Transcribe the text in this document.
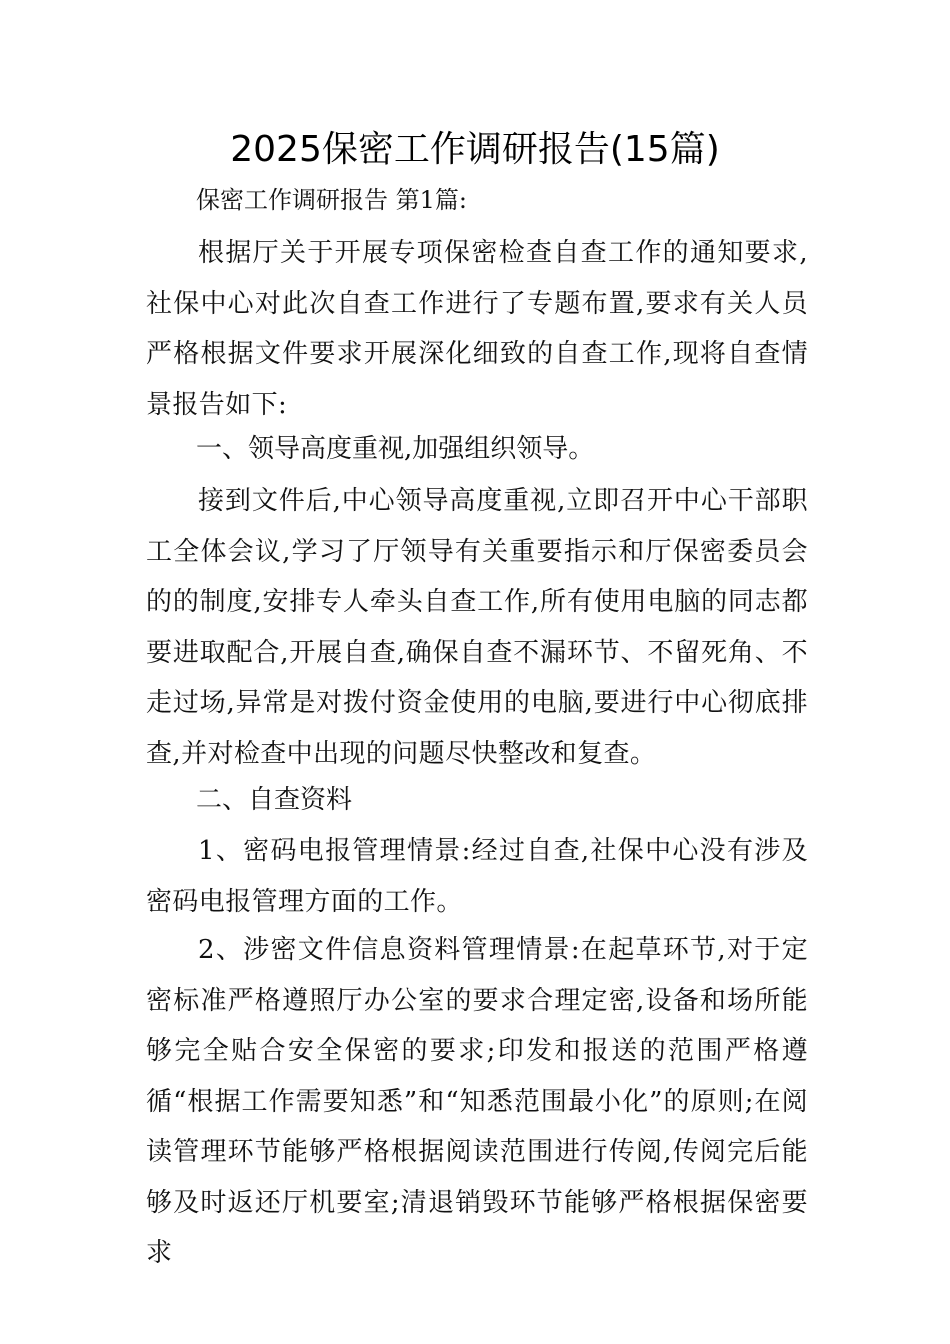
2025保密工作调研报告(15篇)
保密工作调研报告 第1篇:
根据厅关于开展专项保密检查自查工作的通知要求,社保中心对此次自查工作进行了专题布置,要求有关人员严格根据文件要求开展深化细致的自查工作,现将自查情景报告如下:
一、领导高度重视,加强组织领导。
接到文件后,中心领导高度重视,立即召开中心干部职工全体会议,学习了厅领导有关重要指示和厅保密委员会的的制度,安排专人牵头自查工作,所有使用电脑的同志都要进取配合,开展自查,确保自查不漏环节、不留死角、不走过场,异常是对拨付资金使用的电脑,要进行中心彻底排查,并对检查中出现的问题尽快整改和复查。
二、自查资料
1、密码电报管理情景:经过自查,社保中心没有涉及密码电报管理方面的工作。
2、涉密文件信息资料管理情景:在起草环节,对于定密标准严格遵照厅办公室的要求合理定密,设备和场所能够完全贴合安全保密的要求;印发和报送的范围严格遵循“根据工作需要知悉”和“知悉范围最小化”的原则;在阅读管理环节能够严格根据阅读范围进行传阅,传阅完后能够及时返还厅机要室;清退销毁环节能够严格根据保密要求
